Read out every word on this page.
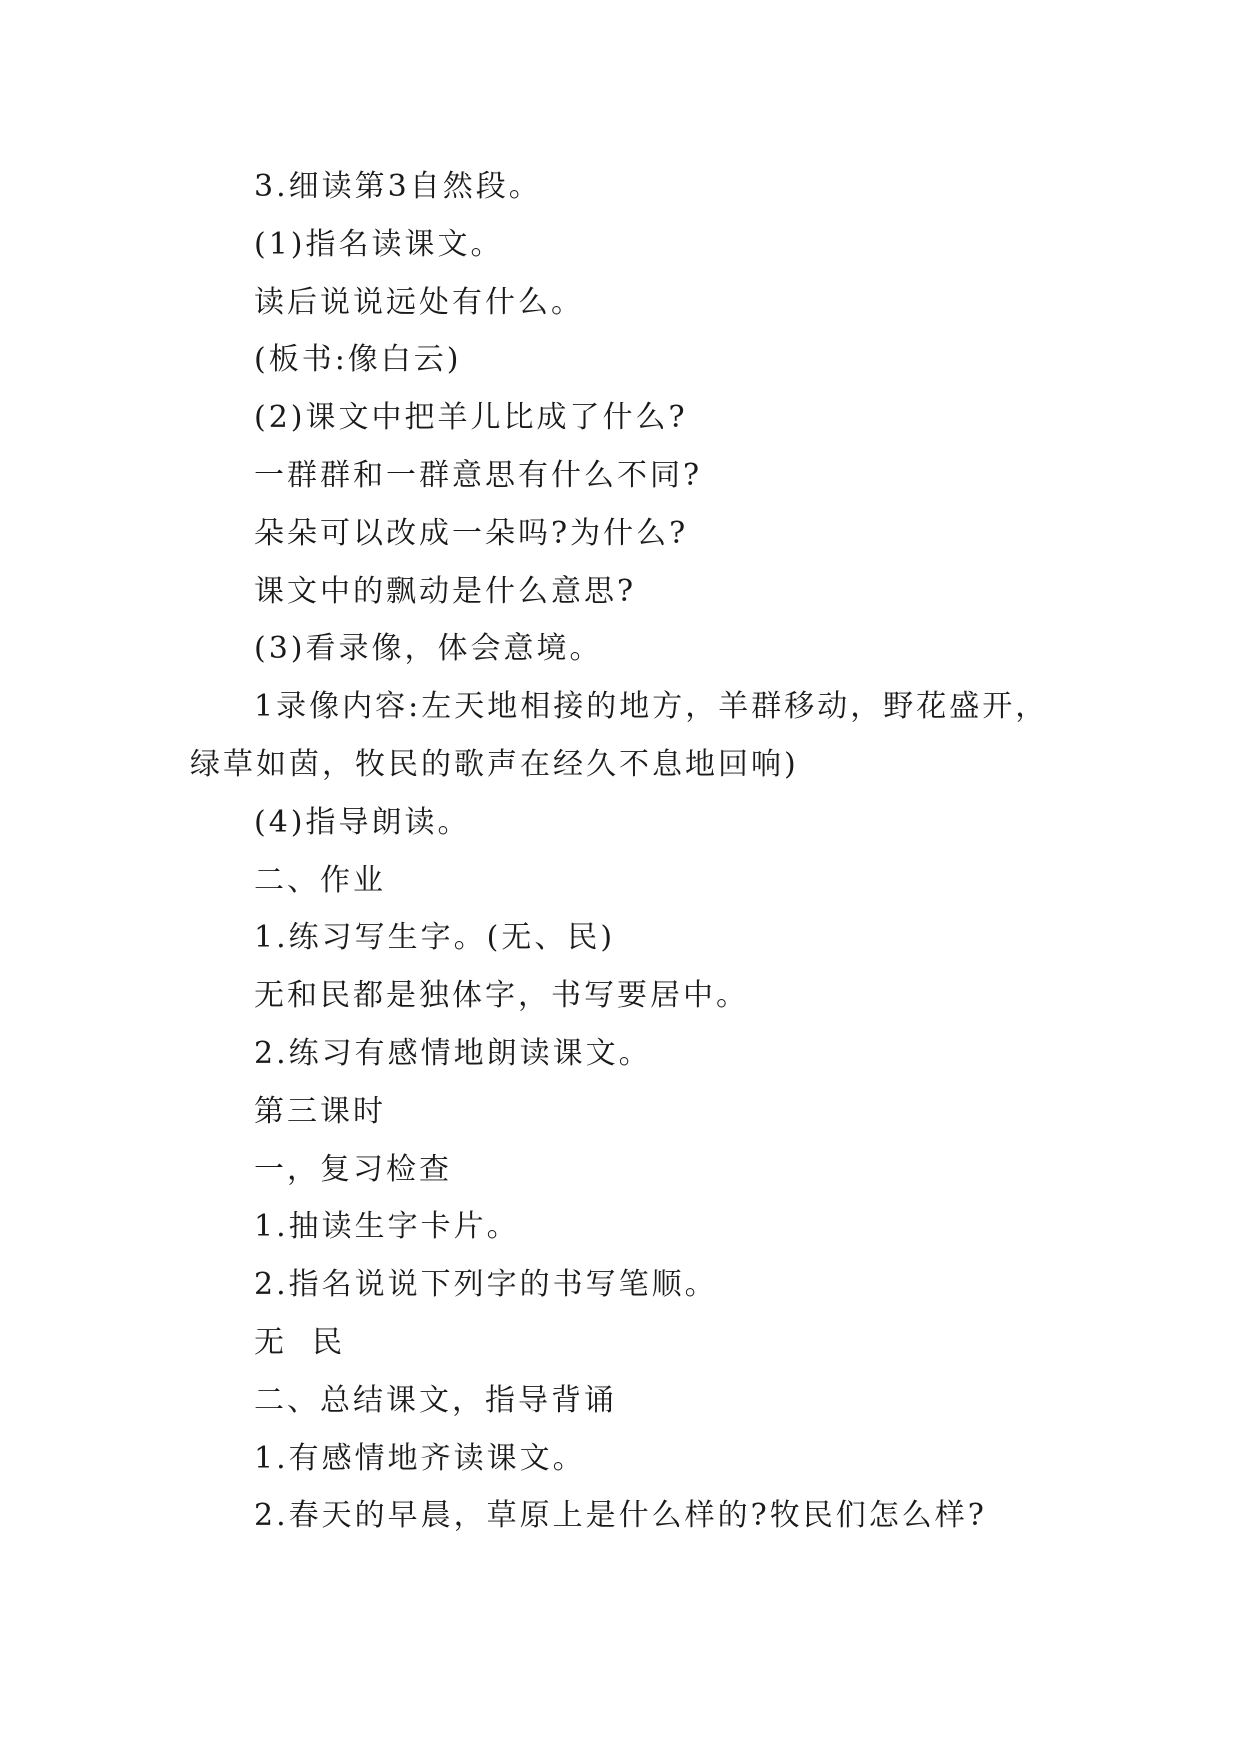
3.细读第3自然段。
(1)指名读课文。
读后说说远处有什么。
(板书:像白云)
(2)课文中把羊儿比成了什么?
一群群和一群意思有什么不同?
朵朵可以改成一朵吗?为什么?
课文中的飘动是什么意思?
(3)看录像，体会意境。
1录像内容:左天地相接的地方，羊群移动，野花盛开，
绿草如茵，牧民的歌声在经久不息地回响)
(4)指导朗读。
二、作业
1.练习写生字。(无、民)
无和民都是独体字，书写要居中。
2.练习有感情地朗读课文。
第三课时
一，复习检查
1.抽读生字卡片。
2.指名说说下列字的书写笔顺。
无  民
二、总结课文，指导背诵
1.有感情地齐读课文。
2.春天的早晨，草原上是什么样的?牧民们怎么样?
